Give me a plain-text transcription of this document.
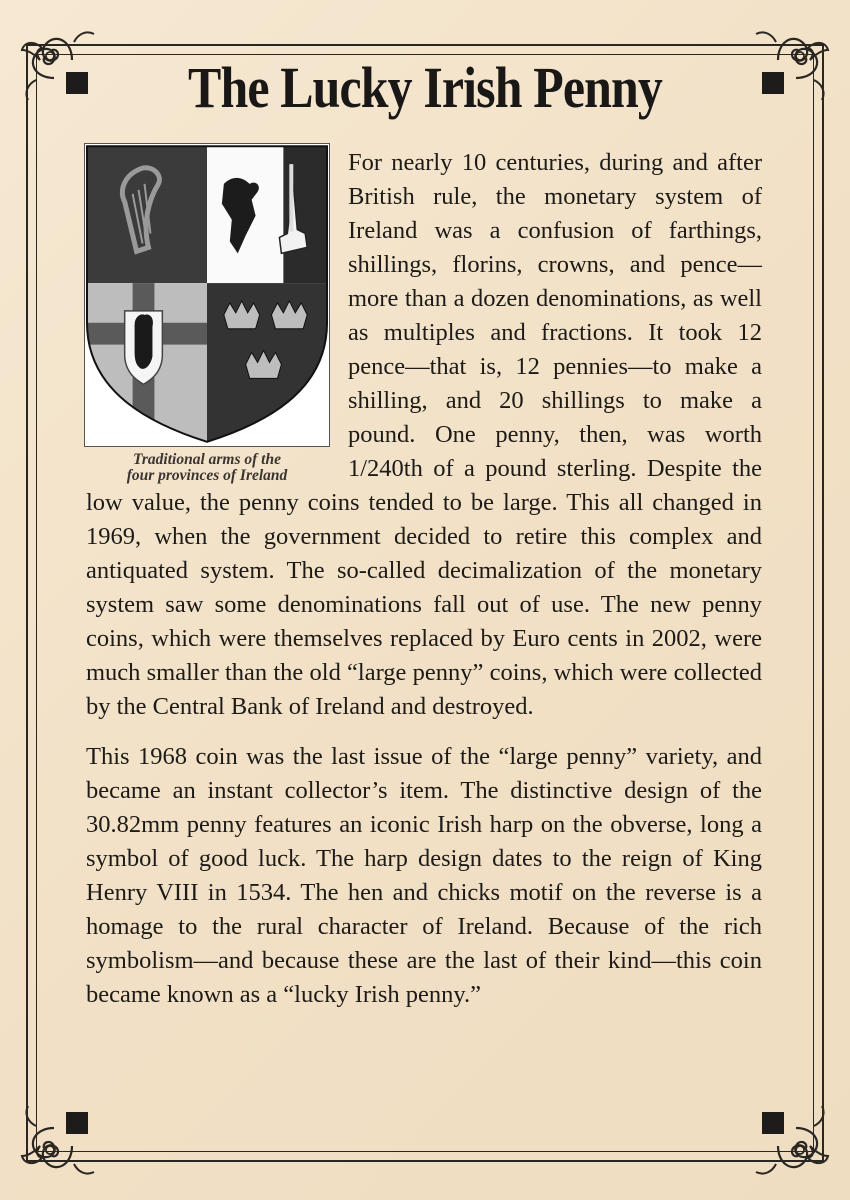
The Lucky Irish Penny
Traditional arms of the
four provinces of Ireland

For nearly 10 centuries, during and after British rule, the monetary system of Ireland was a confusion of farthings, shillings, florins, crowns, and pence—more than a dozen denominations, as well as multiples and fractions. It took 12 pence—that is, 12 pennies—to make a shilling, and 20 shillings to make a pound. One penny, then, was worth 1/240th of a pound sterling. Despite the low value, the penny coins tended to be large. This all changed in 1969, when the government decided to retire this complex and antiquated system. The so-called decimalization of the monetary system saw some denominations fall out of use. The new penny coins, which were themselves replaced by Euro cents in 2002, were much smaller than the old “large penny” coins, which were collected by the Central Bank of Ireland and destroyed.

This 1968 coin was the last issue of the “large penny” variety, and became an instant collector’s item. The distinctive design of the 30.82mm penny features an iconic Irish harp on the obverse, long a symbol of good luck. The harp design dates to the reign of King Henry VIII in 1534. The hen and chicks motif on the reverse is a homage to the rural character of Ireland. Because of the rich symbolism—and because these are the last of their kind—this coin became known as a “lucky Irish penny.”
